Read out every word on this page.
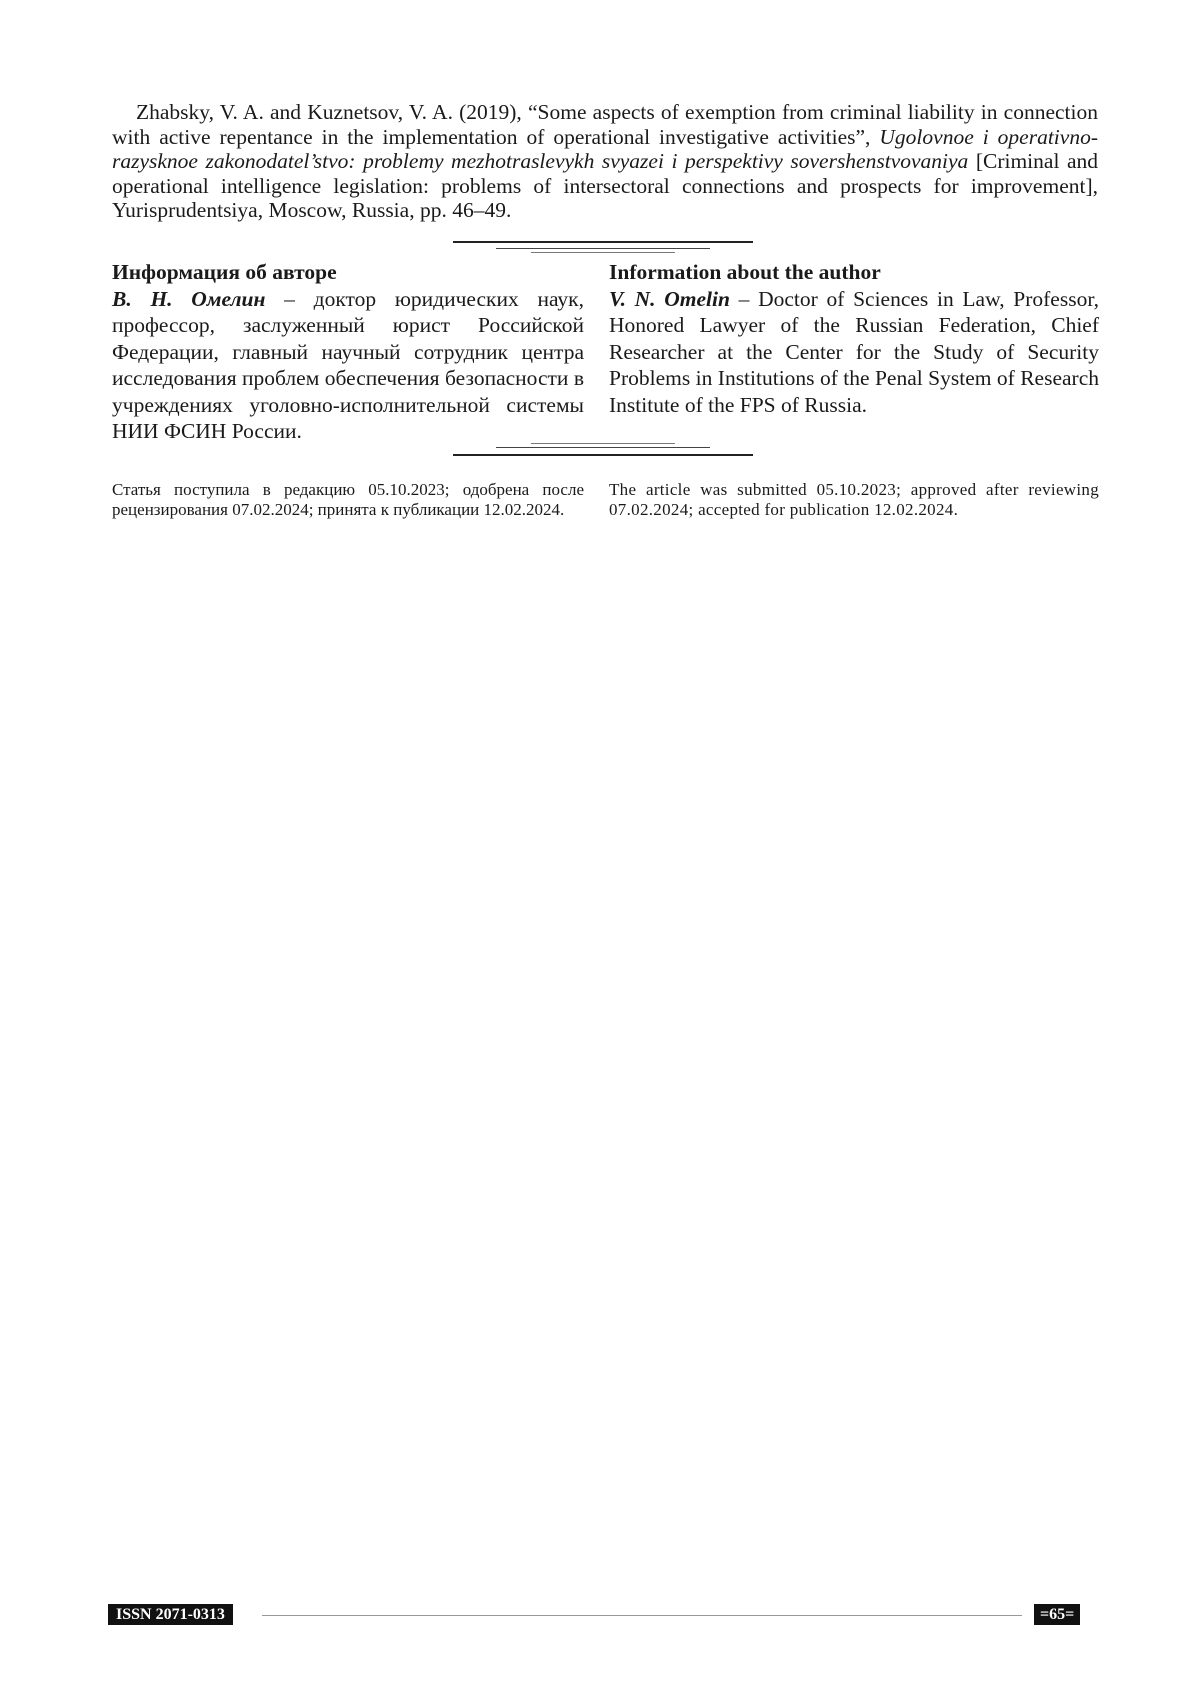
Zhabsky, V. A. and Kuznetsov, V. A. (2019), “Some aspects of exemption from criminal liability in connection with active repentance in the implementation of operational investigative activities”, Ugolovnoe i operativno-razysknoe zakonodatel’stvo: problemy mezhotraslevykh svyazei i perspektivy sovershenstvovaniya [Criminal and operational intelligence legislation: problems of intersectoral connections and prospects for improvement], Yurisprudentsiya, Moscow, Russia, pp. 46–49.

Информация об авторе

В. Н. Омелин – доктор юридических наук, профессор, заслуженный юрист Российской Федерации, главный научный сотрудник центра исследования проблем обеспечения безопасности в учреждениях уголовно-исполнительной системы НИИ ФСИН России.

Information about the author

V. N. Omelin – Doctor of Sciences in Law, Professor, Honored Lawyer of the Russian Federation, Chief Researcher at the Center for the Study of Security Problems in Institutions of the Penal System of Research Institute of the FPS of Russia.

Статья поступила в редакцию 05.10.2023; одобрена после рецензирования 07.02.2024; принята к публикации 12.02.2024.
The article was submitted 05.10.2023; approved after reviewing 07.02.2024; accepted for publication 12.02.2024.
ISSN 2071-0313	=65=
